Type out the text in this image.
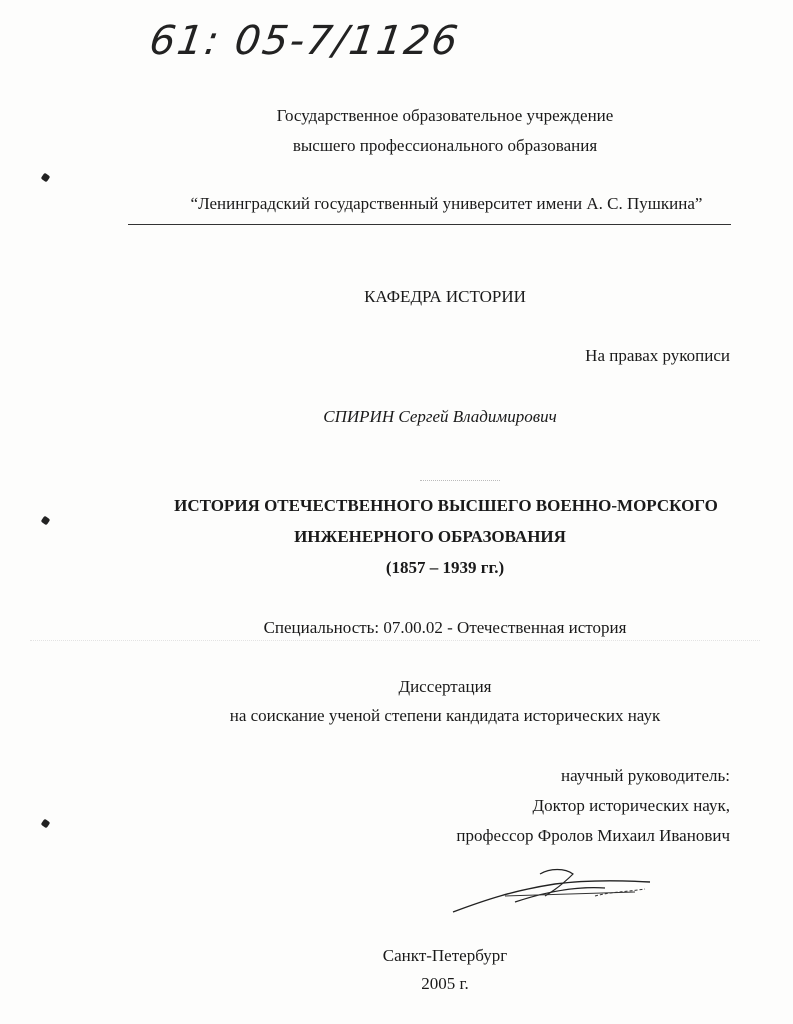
61: 05-7/1126
Государственное образовательное учреждение
высшего профессионального образования
“Ленинградский государственный университет имени А. С. Пушкина”
КАФЕДРА ИСТОРИИ
На правах рукописи
СПИРИН Сергей Владимирович
ИСТОРИЯ ОТЕЧЕСТВЕННОГО ВЫСШЕГО ВОЕННО-МОРСКОГО
ИНЖЕНЕРНОГО ОБРАЗОВАНИЯ
(1857 – 1939 гг.)
Специальность: 07.00.02 - Отечественная история
Диссертация
на соискание ученой степени кандидата исторических наук
научный руководитель:
Доктор исторических наук,
профессор Фролов Михаил Иванович
Санкт-Петербург
2005 г.
